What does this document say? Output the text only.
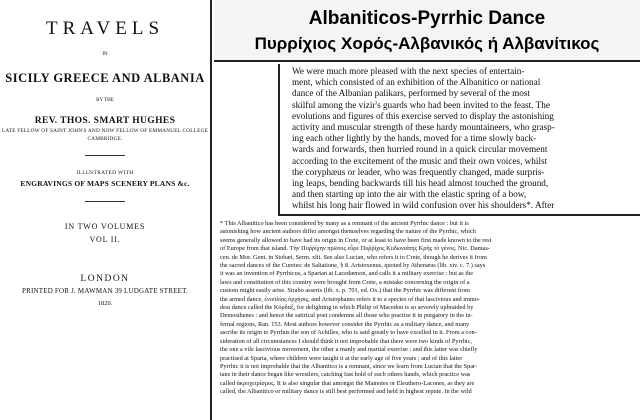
TRAVELS
IN
SICILY GREECE AND ALBANIA
BY THE
REV. THOS. SMART HUGHES
LATE FELLOW OF SAINT JOHN'S AND NOW FELLOW OF EMMANUEL COLLEGE
CAMBRIDGE.
ILLUSTRATED WITH
ENGRAVINGS OF MAPS SCENERY PLANS &c.
IN TWO VOLUMES
VOL II.
LONDON
PRINTED FOR J. MAWMAN 39 LUDGATE STREET.
1820.
Albaniticos-Pyrrhic Dance
Πυρρίχιος Χορός-Αλβανικός ή Αλβανίτικος
We were much more pleased with the next species of entertain-
ment, which consisted of an exhibition of the Albanitico or national
dance of the Albanian palikars, performed by several of the most
skilful among the vizir's guards who had been invited to the feast. The
evolutions and figures of this exercise served to display the astonishing
activity and muscular strength of these hardy mountaineers, who grasp-
ing each other lightly by the hands, moved for a time slowly back-
wards and forwards, then hurried round in a quick circular movement
according to the excitement of the music and their own voices, whilst
the coryphæus or leader, who was frequently changed, made surpris-
ing leaps, bending backwards till his head almost touched the ground,
and then starting up into the air with the elastic spring of a bow,
whilst his long hair flowed in wild confusion over his shoulders*. After
* This Albanitico has been considered by many as a remnant of the ancient Pyrrhic dance : but it is
astonishing how ancient authors differ amongst themselves regarding the nature of the Pyrrhic, which
seems generally allowed to have had its origin in Crete, or at least to have been first made known to the rest
of Europe from that island. Τὴν Πυῤῥίχην πρῶτος εὗρε Πυῤῥίχος Κυδωνιάτης Κρὴς τὸ γένος. Nic. Damas-
cen. de Mor. Gent. in Stobæi, Serm. xlii. See also Lucian, who refers it to Crete, though he derives it from
the sacred dances of the Curetes: de Saltatione, § 8. Aristoxenus, quoted by Athenæus (lib. xiv. c. 7.) says
it was an invention of Pyrrhicus, a Spartan at Lacedæmon, and calls it a military exercise : but as the
laws and constitution of this country were brought from Crete, a mistake concerning the origin of a
custom might easily arise. Strabo asserts (lib. x. p. 701, ed. Ox.) that the Pyrrhic was different from
the armed dance, ἐνοπλίος ὀρχήσις, and Aristophanes refers it to a species of that lascivious and immo-
dest dance called the Κόρδαξ, for delighting in which Philip of Macedon is so severely upbraided by
Demosthenes : and hence the satirical poet condemns all those who practise it in purgatory in the in-
fernal regions, Ran. 153. Most authors however consider the Pyrrhic as a military dance, and many
ascribe its origin to Pyrrhus the son of Achilles, who is said greatly to have excelled in it. From a con-
sideration of all circumstances I should think it not improbable that there were two kinds of Pyrrhic,
the one a vile lascivious movement, the other a manly and martial exercise : and this latter was chiefly
practised at Sparta, where children were taught it at the early age of five years ; and of this latter
Pyrrhic it is not improbable that the Albanitico is a remnant, since we learn from Lucian that the Spar-
tans in their dance began like wrestlers, catching fast hold of each others hands, which practice was
called ἀκροχειρίσμος. It is also singular that amongst the Mainotes or Eleuthero-Lacones, as they are
called, the Albanitico or military dance is still best performed and held in highest repute. In the wild
